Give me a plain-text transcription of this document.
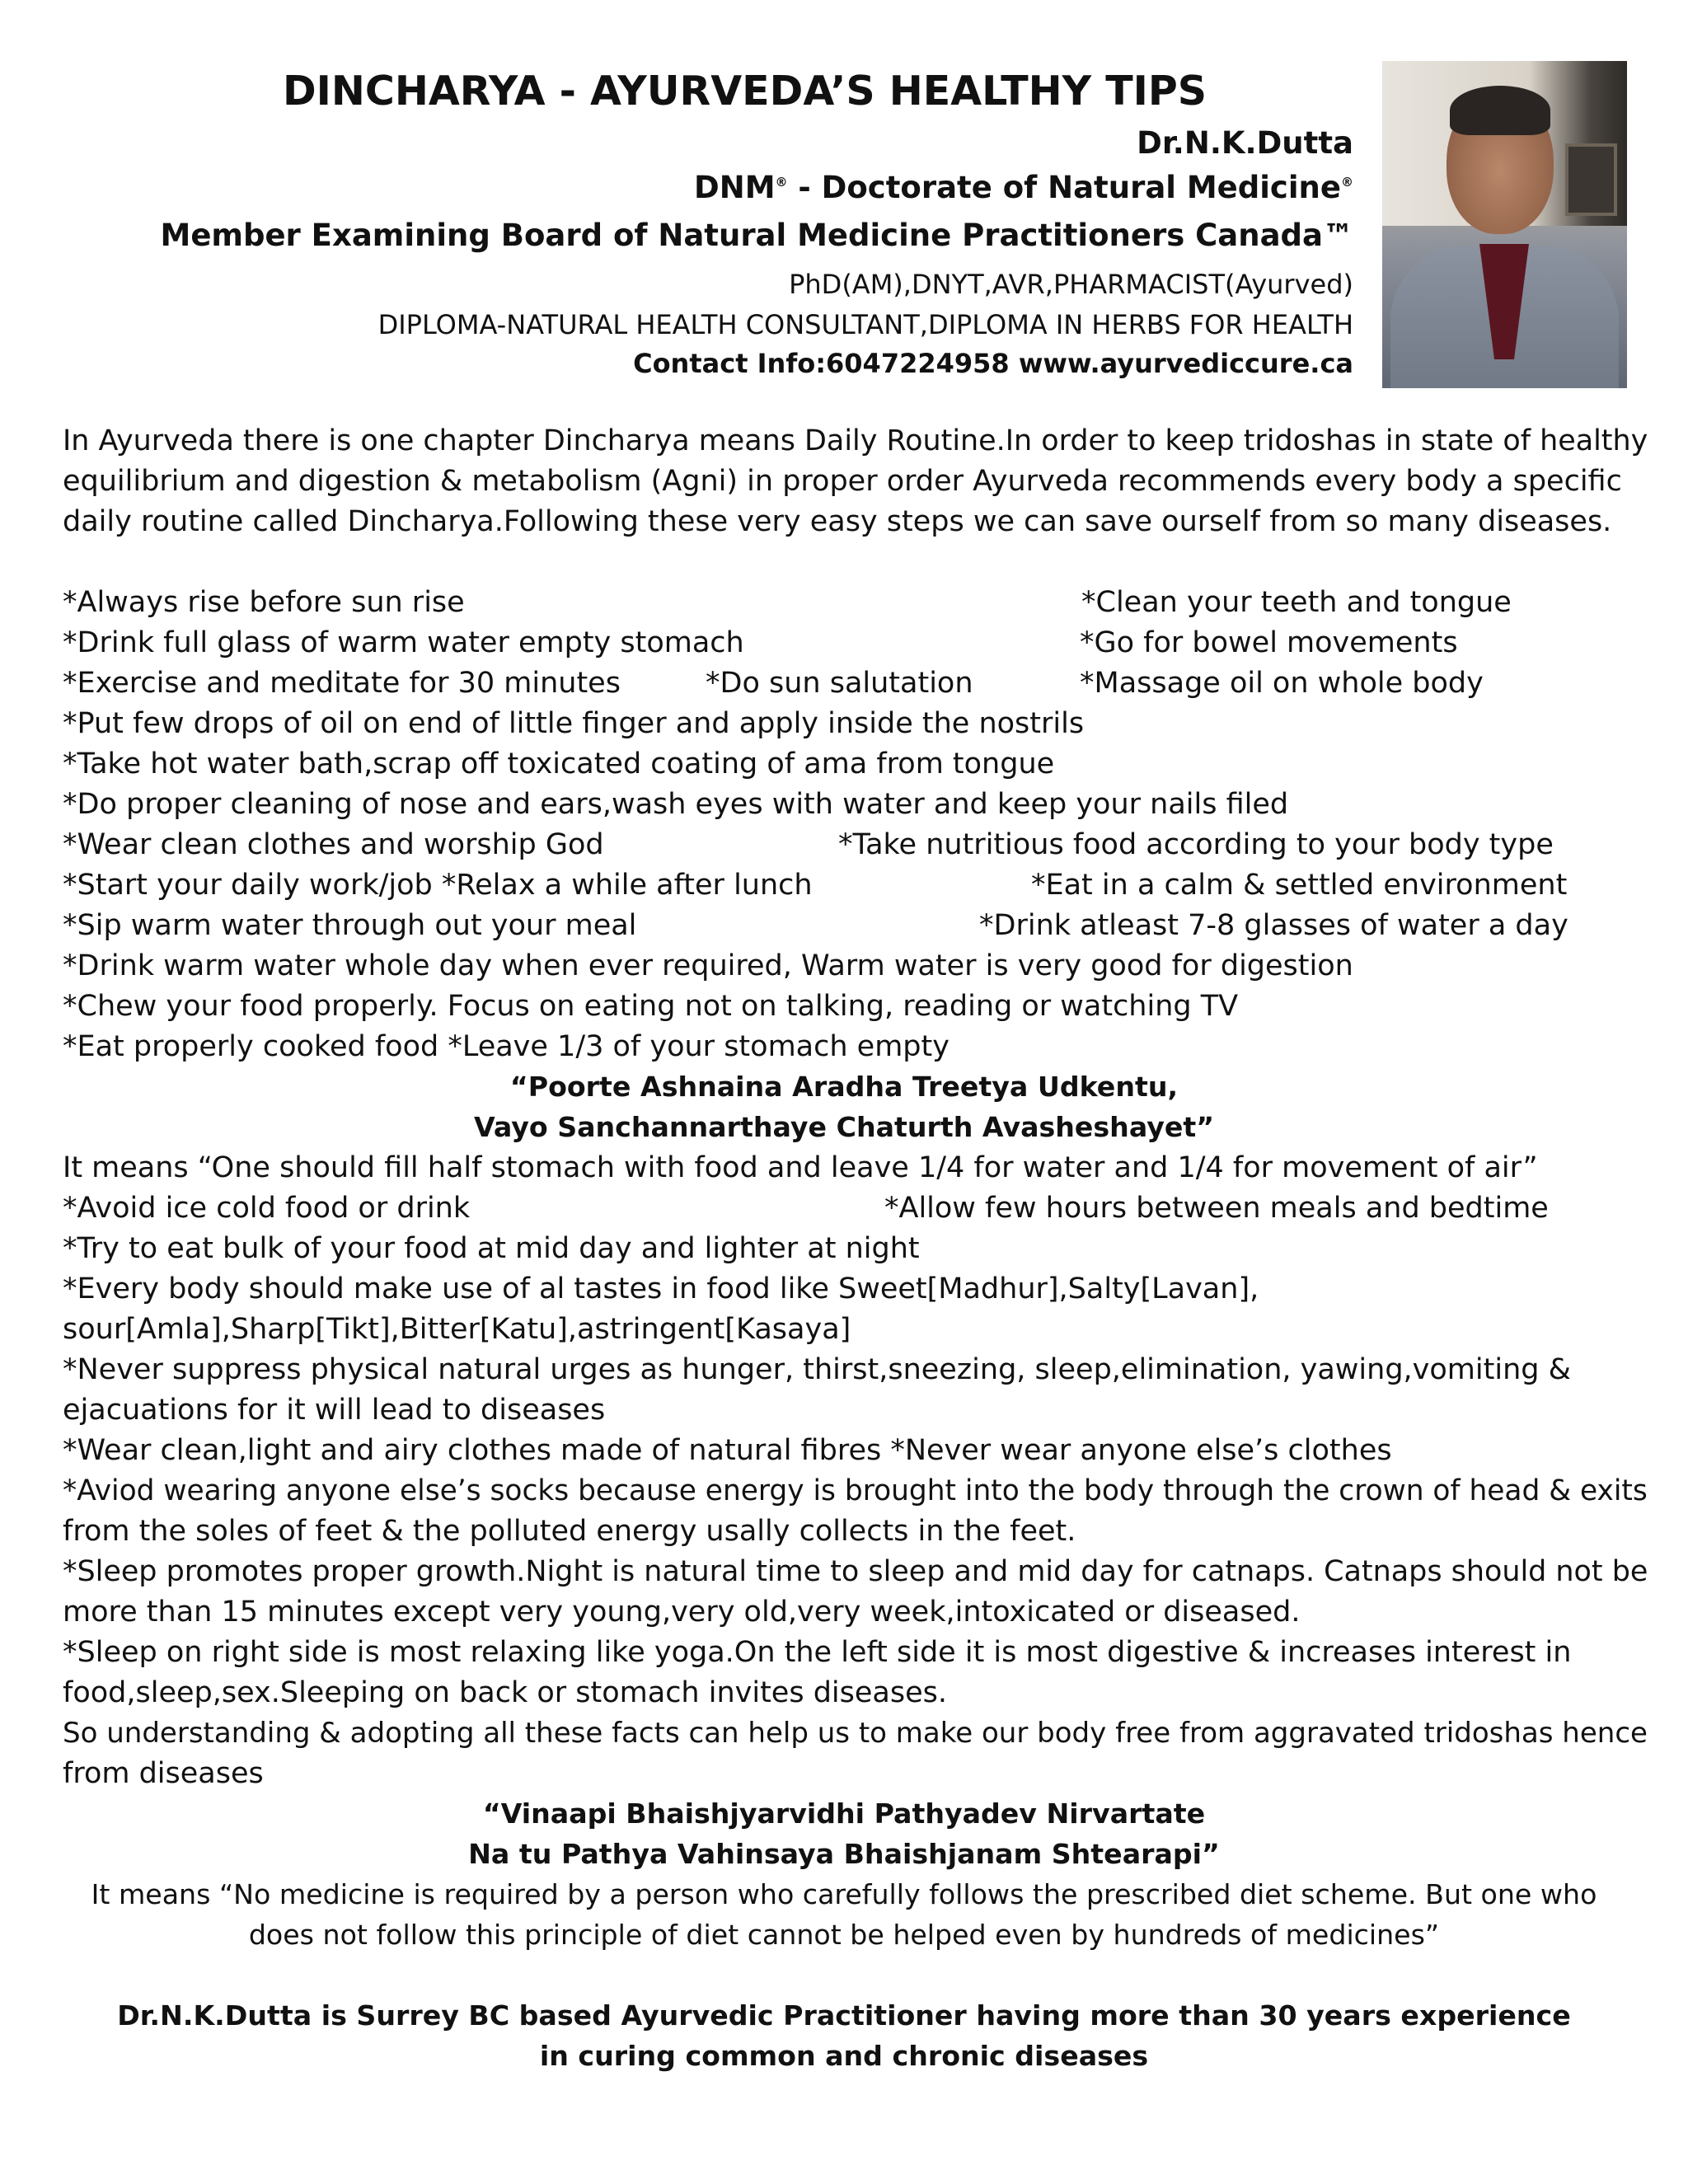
DINCHARYA - AYURVEDA’S HEALTHY TIPS
Dr.N.K.Dutta
DNM® - Doctorate of Natural Medicine®
Member Examining Board of Natural Medicine Practitioners Canada™
PhD(AM),DNYT,AVR,PHARMACIST(Ayurved)
DIPLOMA-NATURAL HEALTH CONSULTANT,DIPLOMA IN HERBS FOR HEALTH
Contact Info:6047224958 www.ayurvediccure.ca
In Ayurveda there is one chapter Dincharya means Daily Routine.In order to keep tridoshas in state of healthy
equilibrium and digestion & metabolism (Agni) in proper order Ayurveda recommends every body a specific
daily routine called Dincharya.Following these very easy steps we can save ourself from so many diseases.
*Always rise before sun rise	*Clean your teeth and tongue
*Drink full glass of warm water empty stomach	*Go for bowel movements
*Exercise and meditate for 30 minutes	*Do sun salutation	*Massage oil on whole body
*Put few drops of oil on end of little finger and apply inside the nostrils
*Take hot water bath,scrap off toxicated coating of ama from tongue
*Do proper cleaning of nose and ears,wash eyes with water and keep your nails filed
*Wear clean clothes and worship God	*Take nutritious food according to your body type
*Start your daily work/job *Relax a while after lunch	*Eat in a calm & settled environment
*Sip warm water through out your meal	*Drink atleast 7-8 glasses of water a day
*Drink warm water whole day when ever required, Warm water is very good for digestion
*Chew your food properly. Focus on eating not on talking, reading or watching TV
*Eat properly cooked food *Leave 1/3 of your stomach empty
“Poorte Ashnaina Aradha Treetya Udkentu,
Vayo Sanchannarthaye Chaturth Avasheshayet”
It means “One should fill half stomach with food and leave 1/4 for water and 1/4 for movement of air”
*Avoid ice cold food or drink	*Allow few hours between meals and bedtime
*Try to eat bulk of your food at mid day and lighter at night
*Every body should make use of al tastes in food like Sweet[Madhur],Salty[Lavan],
sour[Amla],Sharp[Tikt],Bitter[Katu],astringent[Kasaya]
*Never suppress physical natural urges as hunger, thirst,sneezing, sleep,elimination, yawing,vomiting &
ejacuations for it will lead to diseases
*Wear clean,light and airy clothes made of natural fibres *Never wear anyone else’s clothes
*Aviod wearing anyone else’s socks because energy is brought into the body through the crown of head & exits
from the soles of feet & the polluted energy usally collects in the feet.
*Sleep promotes proper growth.Night is natural time to sleep and mid day for catnaps. Catnaps should not be
more than 15 minutes except very young,very old,very week,intoxicated or diseased.
*Sleep on right side is most relaxing like yoga.On the left side it is most digestive & increases interest in
food,sleep,sex.Sleeping on back or stomach invites diseases.
So understanding & adopting all these facts can help us to make our body free from aggravated tridoshas hence
from diseases
“Vinaapi Bhaishjyarvidhi Pathyadev Nirvartate
Na tu Pathya Vahinsaya Bhaishjanam Shtearapi”
It means “No medicine is required by a person who carefully follows the prescribed diet scheme. But one who
does not follow this principle of diet cannot be helped even by hundreds of medicines”
Dr.N.K.Dutta is Surrey BC based Ayurvedic Practitioner having more than 30 years experience
in curing common and chronic diseases
